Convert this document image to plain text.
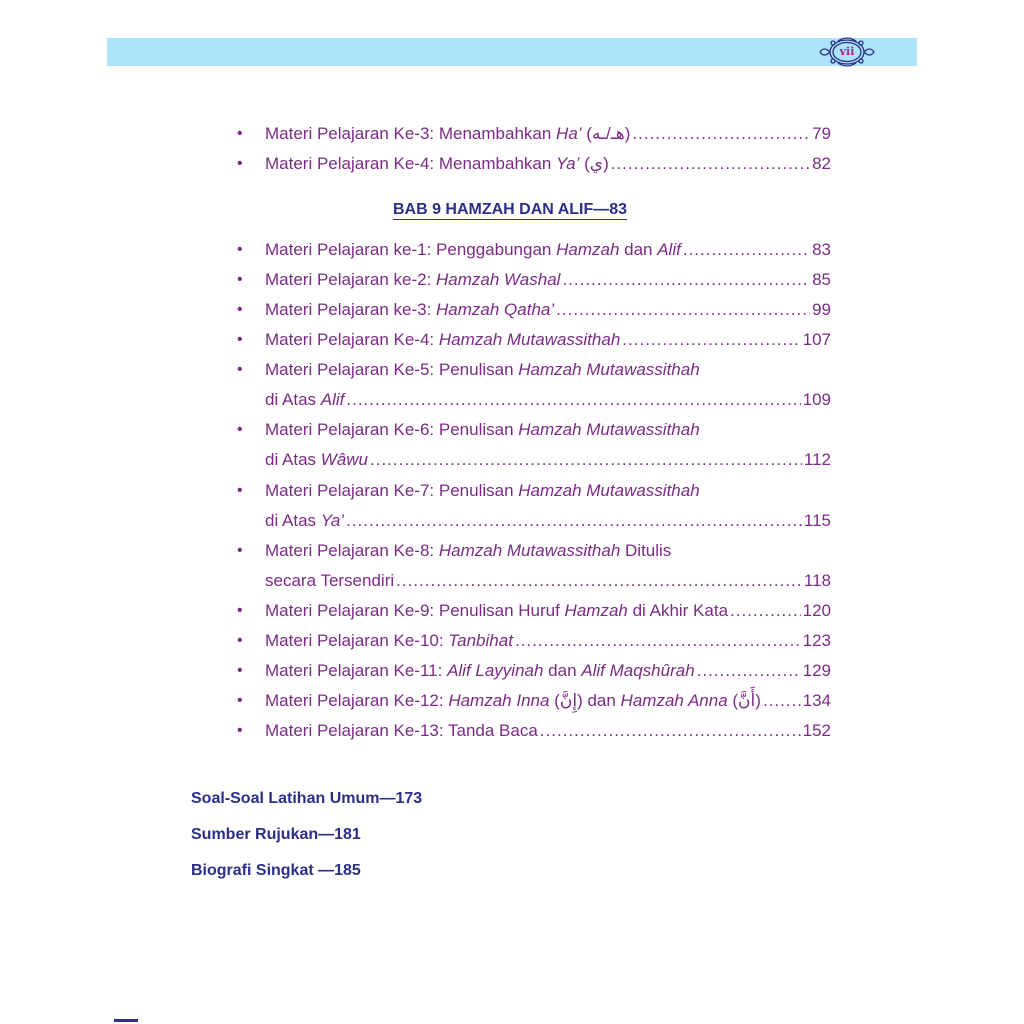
vii
•	Materi Pelajaran Ke-3: Menambahkan Ha’ (هـ/ـه) .....	79
•	Materi Pelajaran Ke-4: Menambahkan Ya’ (ي) .....	82
BAB 9 HAMZAH DAN ALIF—83
•	Materi Pelajaran ke-1: Penggabungan Hamzah dan Alif .....	83
•	Materi Pelajaran ke-2: Hamzah Washal .....	85
•	Materi Pelajaran ke-3: Hamzah Qatha’ .....	99
•	Materi Pelajaran Ke-4: Hamzah Mutawassithah .....	107
•	Materi Pelajaran Ke-5: Penulisan Hamzah Mutawassithah
di Atas Alif .....	109
•	Materi Pelajaran Ke-6: Penulisan Hamzah Mutawassithah
di Atas Wâwu .....	112
•	Materi Pelajaran Ke-7: Penulisan Hamzah Mutawassithah
di Atas Ya’ .....	115
•	Materi Pelajaran Ke-8: Hamzah Mutawassithah Ditulis
secara Tersendiri .....	118
•	Materi Pelajaran Ke-9: Penulisan Huruf Hamzah di Akhir Kata .....	120
•	Materi Pelajaran Ke-10: Tanbihat .....	123
•	Materi Pelajaran Ke-11: Alif Layyinah dan Alif Maqshûrah .....	129
•	Materi Pelajaran Ke-12: Hamzah Inna (إِنَّ) dan Hamzah Anna (أَنَّ) ..... 134
•	Materi Pelajaran Ke-13: Tanda Baca .....	152
Soal-Soal Latihan Umum—173
Sumber Rujukan—181
Biografi Singkat —185
